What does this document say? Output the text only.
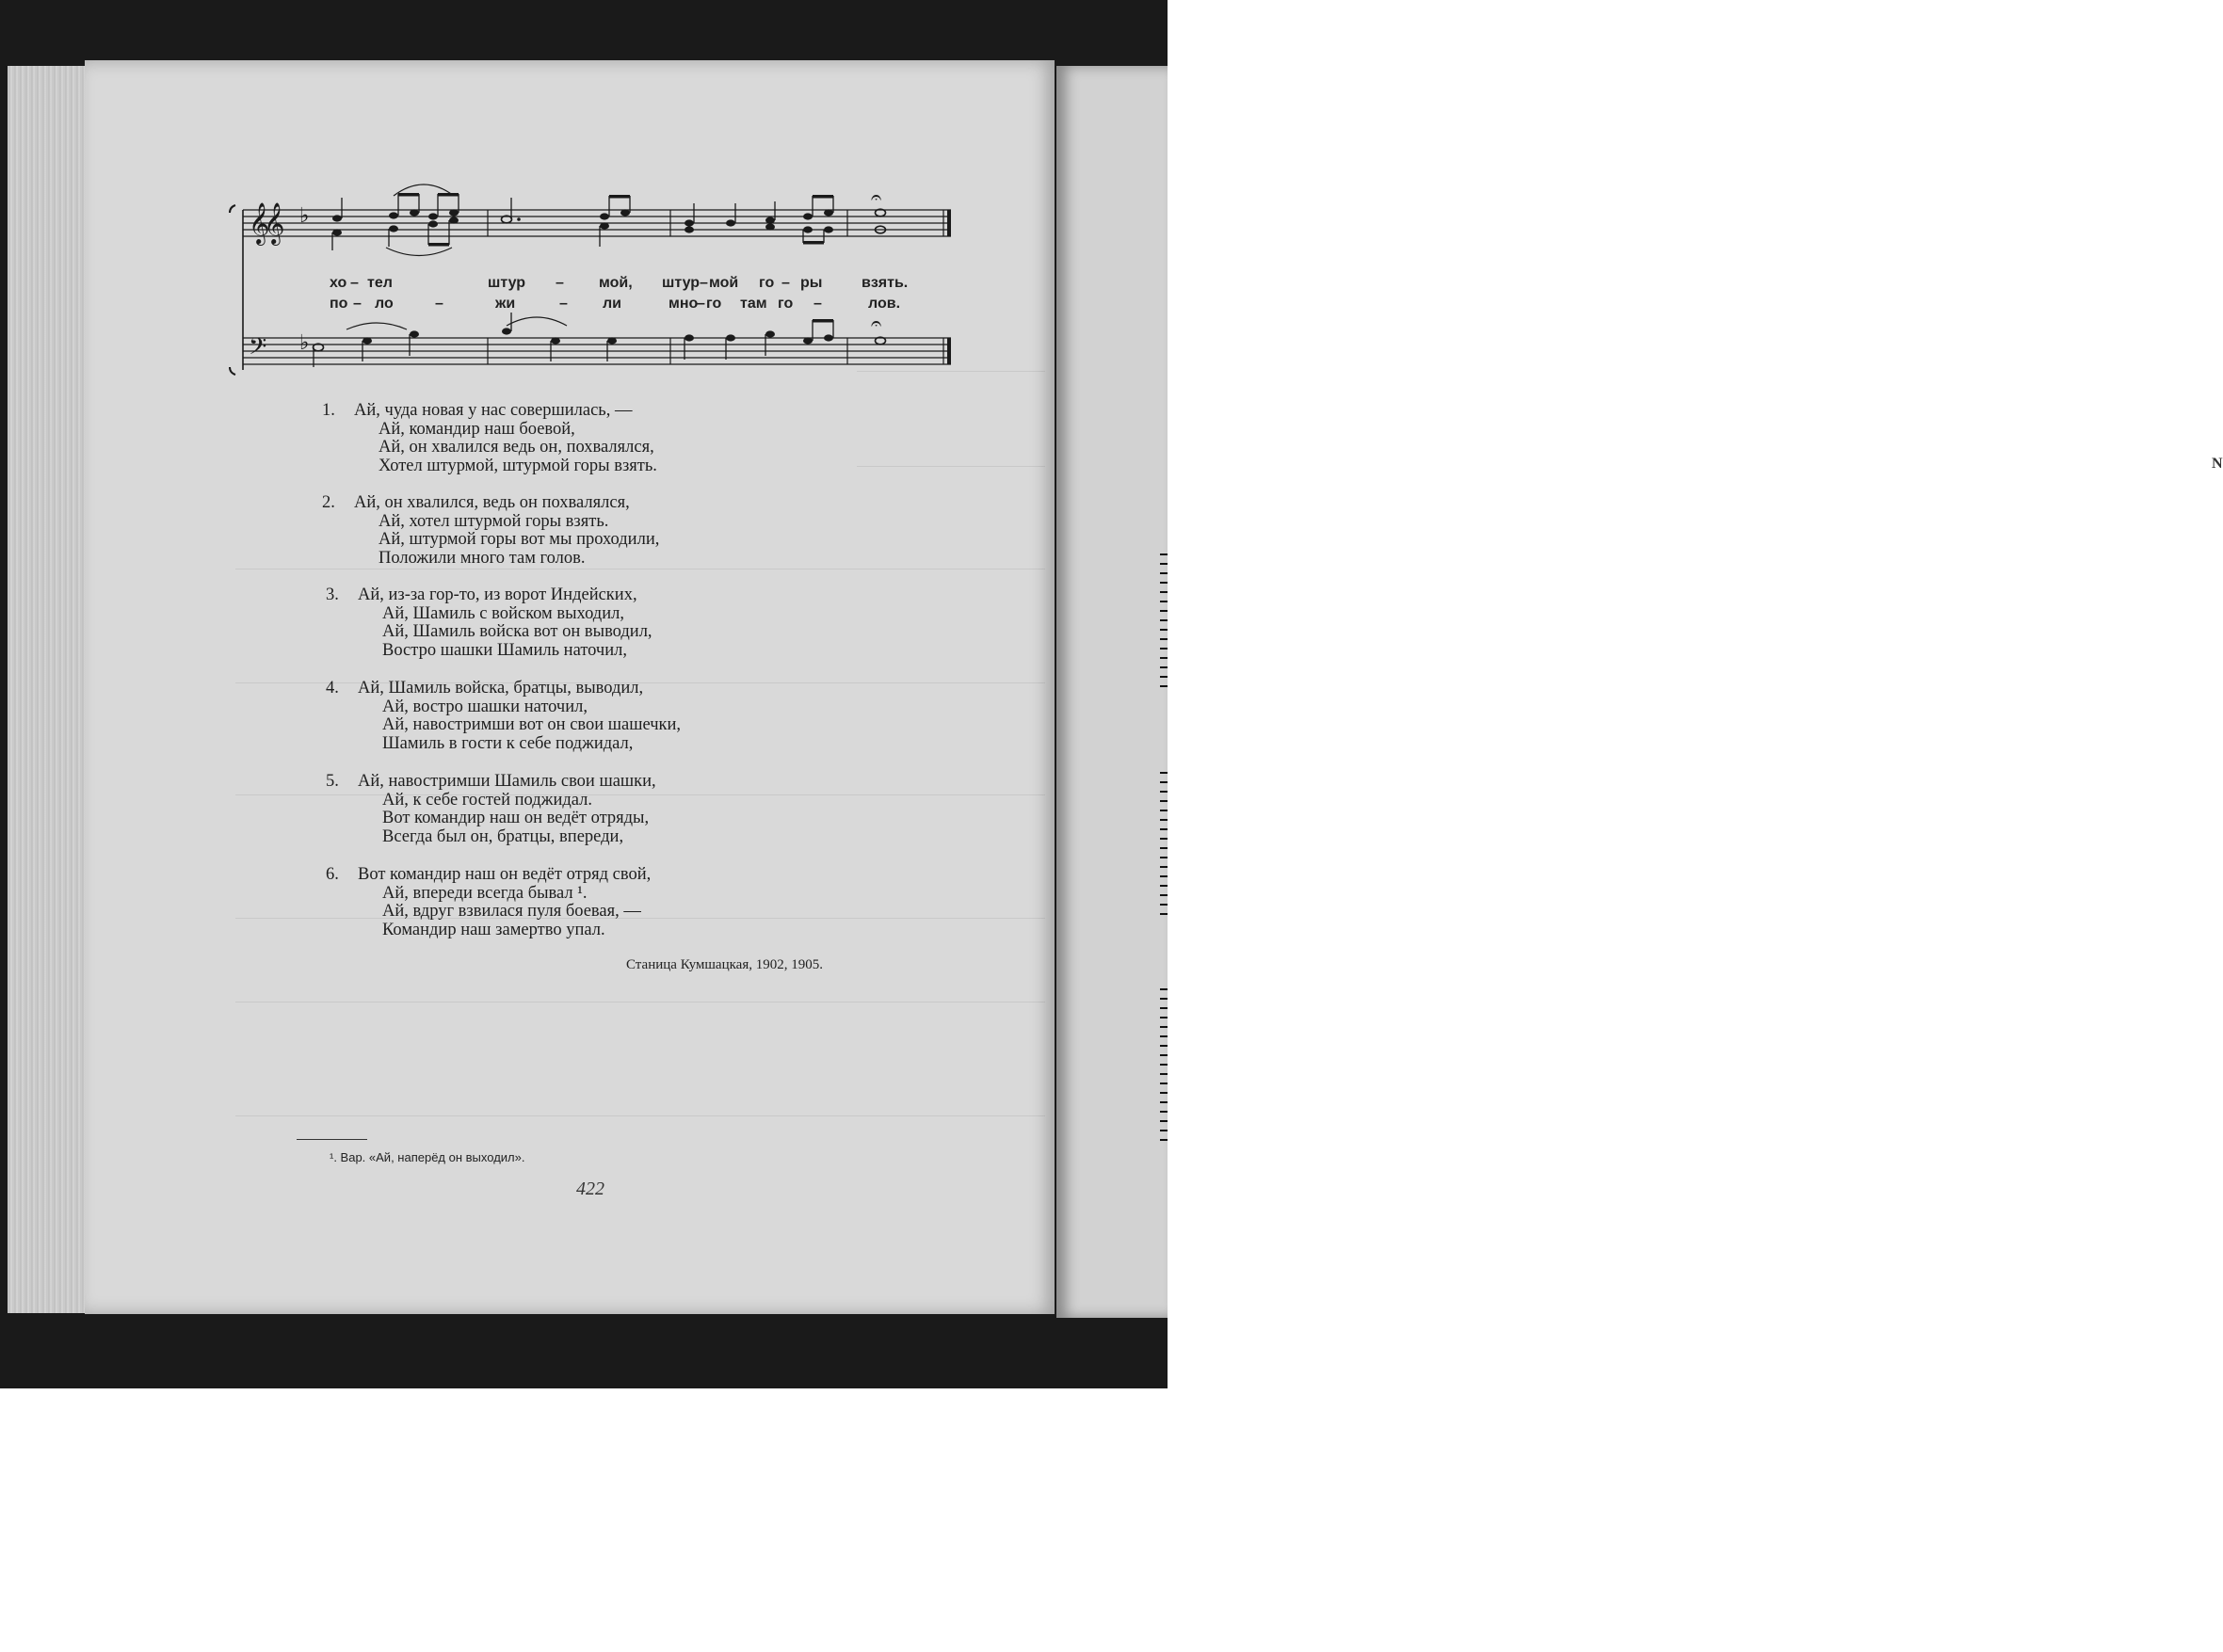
N
𝄞
𝄞
𝄢
♭
♭
𝄐
𝄐
хо – тел	штур – мой, штур – мой го – ры	взять.
по – ло	–	жи	– ли	мно
– го там го –	лов.
1. Ай, чуда новая у нас совершилась, —
Ай, командир наш боевой,
Ай, он хвалился ведь он, похвалялся,
Хотел штурмой, штурмой горы взять.
2. Ай, он хвалился, ведь он похвалялся,
Ай, хотел штурмой горы взять.
Ай, штурмой горы вот мы проходили,
Положили много там голов.
3. Ай, из-за гор-то, из ворот Индейских,
Ай, Шамиль с войском выходил,
Ай, Шамиль войска вот он выводил,
Востро шашки Шамиль наточил,
4. Ай, Шамиль войска, братцы, выводил,
Ай, востро шашки наточил,
Ай, навостримши вот он свои шашечки,
Шамиль в гости к себе поджидал,
5. Ай, навостримши Шамиль свои шашки,
Ай, к себе гостей поджидал.
Вот командир наш он ведёт отряды,
Всегда был он, братцы, впереди,
6. Вот командир наш он ведёт отряд свой,
Ай, впереди всегда бывал ¹.
Ай, вдруг взвилася пуля боевая, —
Командир наш замертво упал.
Станица Кумшацкая, 1902, 1905.
¹. Вар. «Ай, наперёд он выходил».
422
